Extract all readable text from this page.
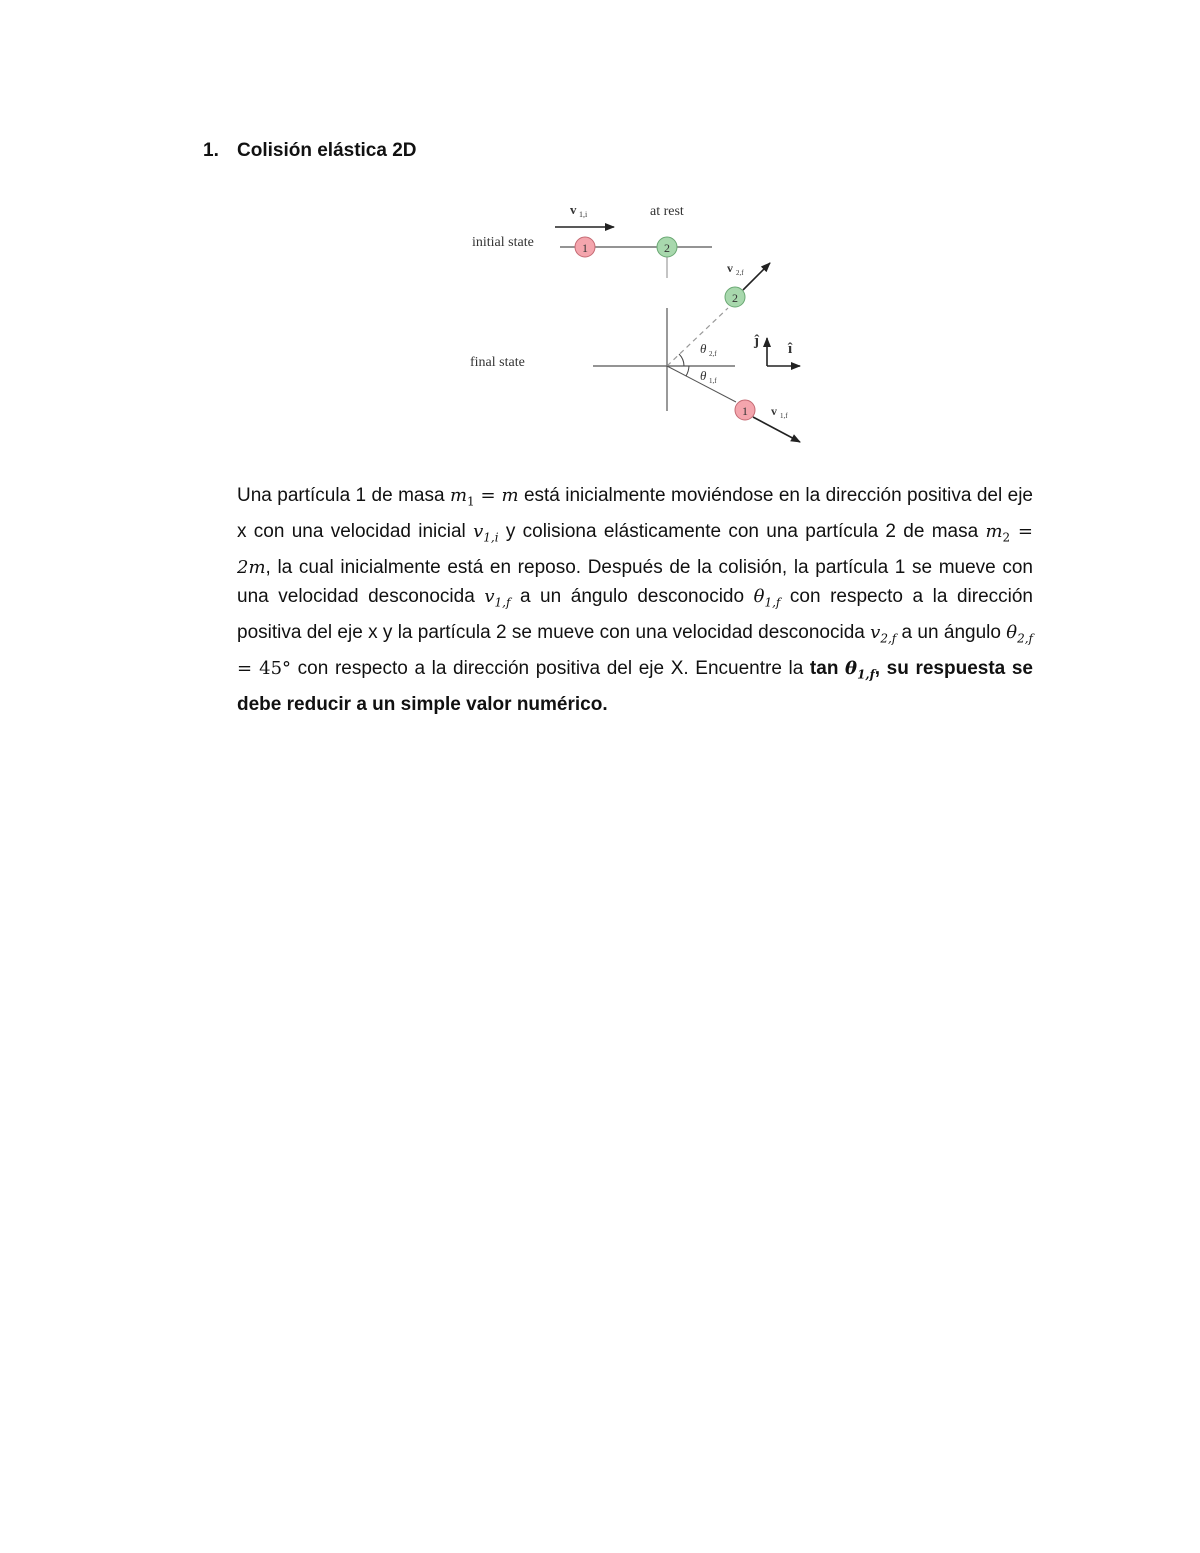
1. Colisión elástica 2D
initial state
v 1,i	at rest
1	2
final state
θ 2,f
θ 1,f
2
v 2,f
1 v 1,f
ĵ î
Una partícula 1 de masa $m_1 = m$ está inicialmente moviéndose en la dirección positiva del eje x con una velocidad inicial $v_{1,i}$ y colisiona elásticamente con una partícula 2 de masa $m_2 = 2m$, la cual inicialmente está en reposo. Después de la colisión, la partícula 1 se mueve con una velocidad desconocida $v_{1,f}$ a un ángulo desconocido $\theta_{1,f}$ con respecto a la dirección positiva del eje x y la partícula 2 se mueve con una velocidad desconocida $v_{2,f}$ a un ángulo $\theta_{2,f} = 45^\circ$ con respecto a la dirección positiva del eje X. Encuentre la $\tan \theta_{1,f}$, su respuesta se debe reducir a un simple valor numérico.
